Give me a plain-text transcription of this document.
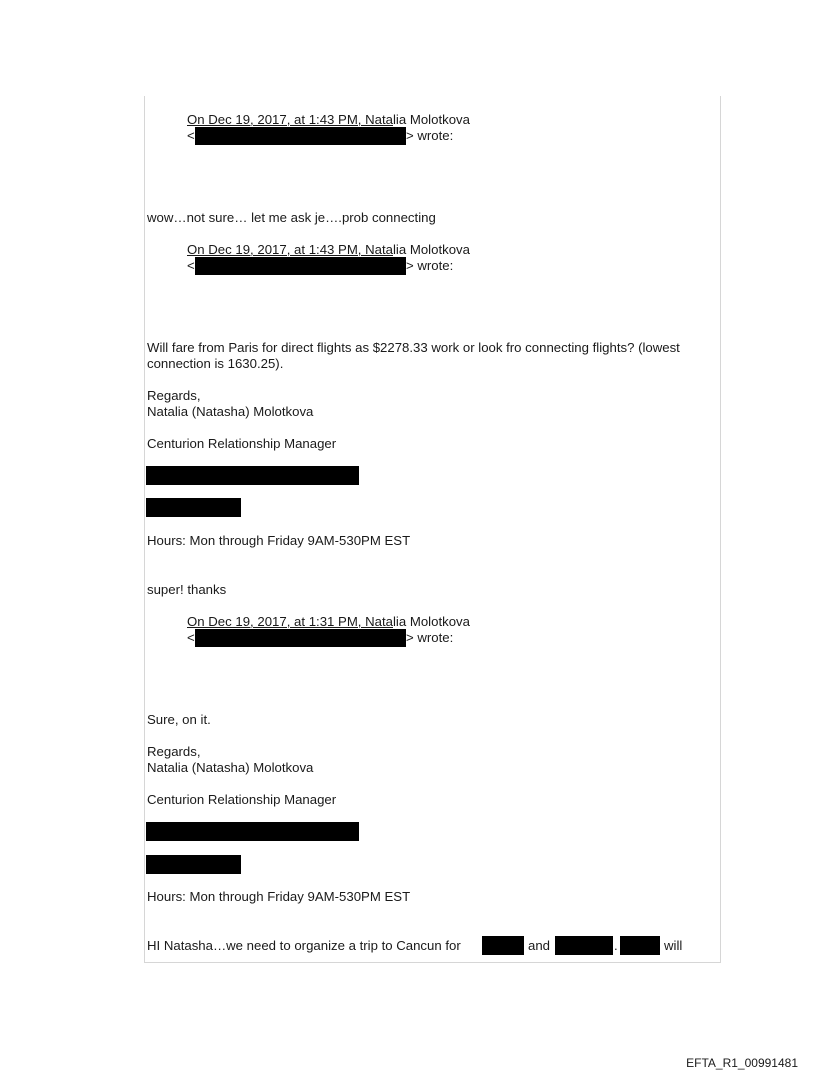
On Dec 19, 2017, at 1:43 PM, Natalia Molotkova
<	> wrote:
wow…not sure… let me ask je….prob connecting
On Dec 19, 2017, at 1:43 PM, Natalia Molotkova
<	> wrote:
Will fare from Paris for direct flights as $2278.33 work or look fro connecting flights? (lowest
connection is 1630.25).
Regards,
Natalia (Natasha) Molotkova
Centurion Relationship Manager
Hours: Mon through Friday 9AM-530PM EST
super! thanks
On Dec 19, 2017, at 1:31 PM, Natalia Molotkova
<	> wrote:
Sure, on it.
Regards,
Natalia (Natasha) Molotkova
Centurion Relationship Manager
Hours: Mon through Friday 9AM-530PM EST
HI Natasha…we need to organize a trip to Cancun for	and	.	will
EFTA_R1_00991481
